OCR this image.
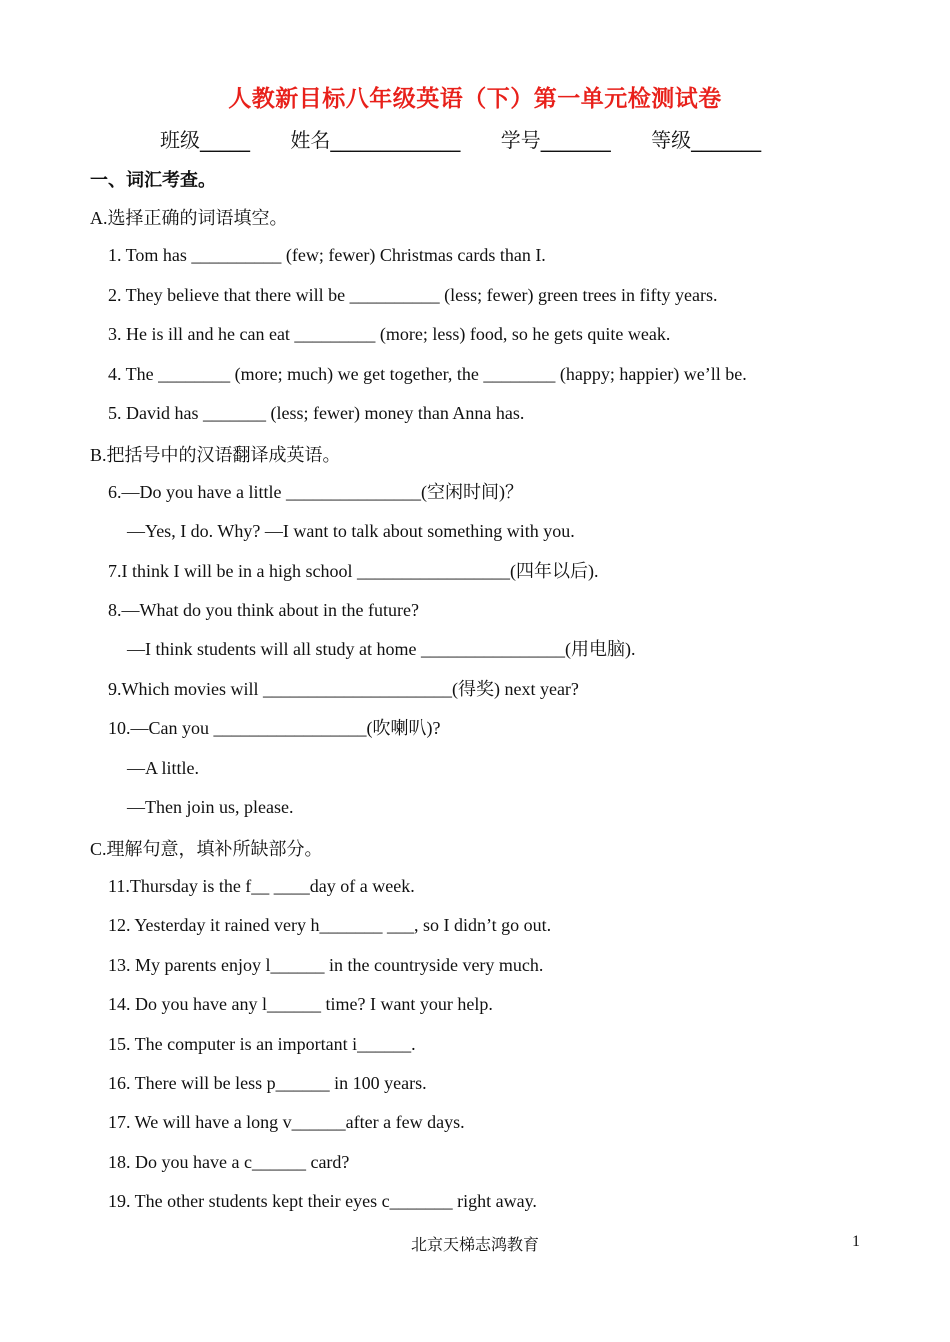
人教新目标八年级英语（下）第一单元检测试卷
班级_____ 姓名_____________ 学号_______ 等级_______
一、词汇考查。
A.选择正确的词语填空。
1. Tom has __________ (few; fewer) Christmas cards than I.
2. They believe that there will be __________ (less; fewer) green trees in fifty years.
3. He is ill and he can eat _________ (more; less) food, so he gets quite weak.
4. The ________ (more; much) we get together, the ________ (happy; happier) we’ll be.
5. David has _______ (less; fewer) money than Anna has.
B.把括号中的汉语翻译成英语。
6.—Do you have a little _______________(空闲时间)？
—Yes, I do. Why? —I want to talk about something with you.
7.I think I will be in a high school _________________(四年以后).
8.—What do you think about in the future?
—I think students will all study at home ________________(用电脑).
9.Which movies will _____________________(得奖) next year?
10.—Can you _________________(吹喇叭)?
—A little.
—Then join us, please.
C.理解句意，填补所缺部分。
11.Thursday is the f__ ____day of a week.
12. Yesterday it rained very h_______ ___, so I didn’t go out.
13. My parents enjoy l______ in the countryside very much.
14. Do you have any l______ time? I want your help.
15. The computer is an important i______.
16. There will be less p______ in 100 years.
17. We will have a long v______after a few days.
18. Do you have a c______ card?
19. The other students kept their eyes c_______ right away.
北京天梯志鸿教育	1
